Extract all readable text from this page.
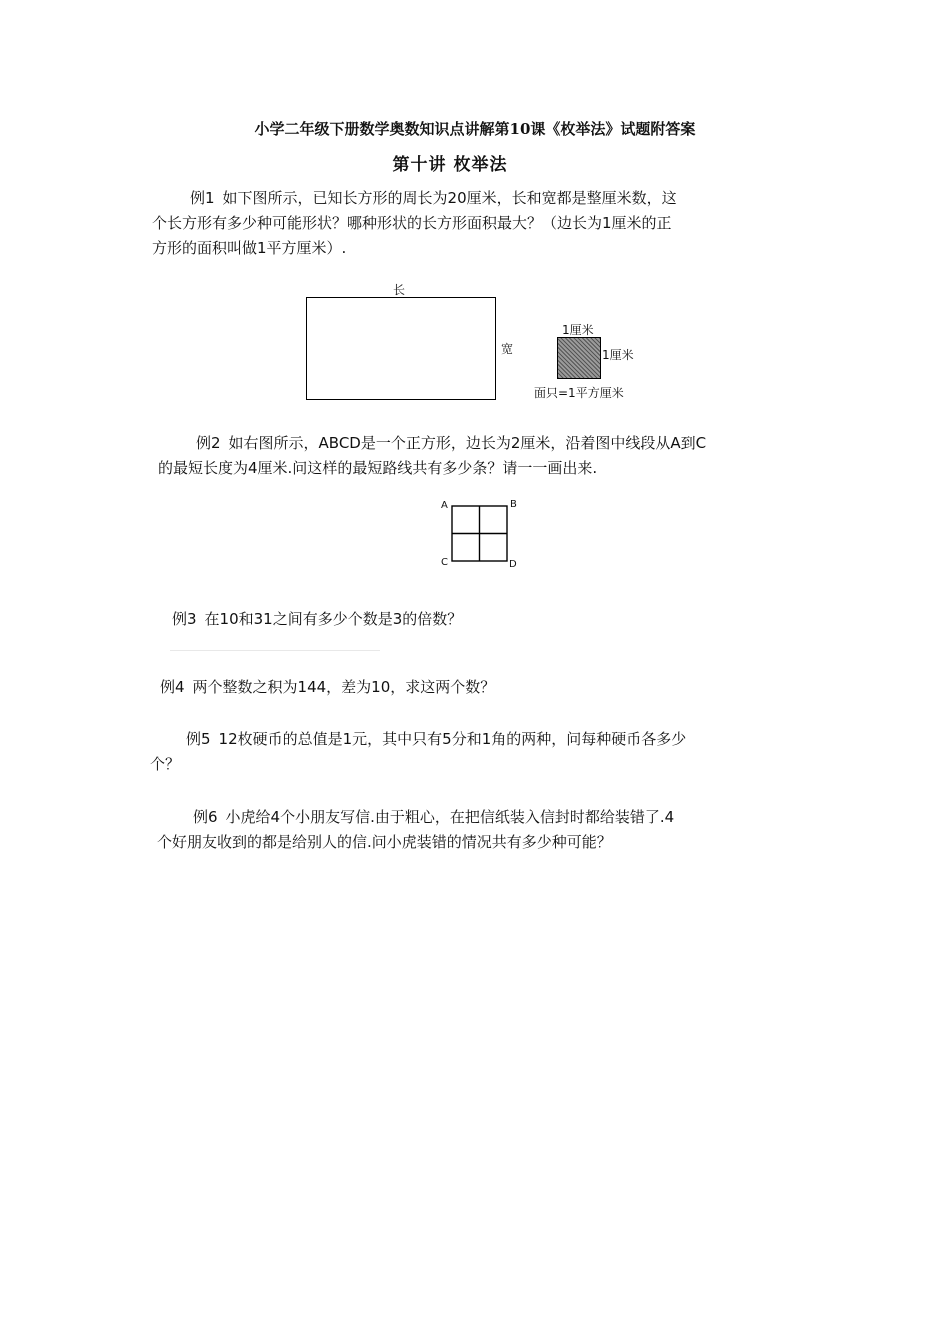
小学二年级下册数学奥数知识点讲解第10课《枚举法》试题附答案
第十讲 枚举法

例1 如下图所示，已知长方形的周长为20厘米，长和宽都是整厘米数，这

个长方形有多少种可能形状？哪种形状的长方形面积最大？（边长为1厘米的正

方形的面积叫做1平方厘米）.

长
宽
1厘米
1厘米
面只=1平方厘米

例2 如右图所示，ABCD是一个正方形，边长为2厘米，沿着图中线段从A到C

的最短长度为4厘米.问这样的最短路线共有多少条？请一一画出来.

A	B
C	D

例3 在10和31之间有多少个数是3的倍数？

例4 两个整数之积为144，差为10，求这两个数？

例5 12枚硬币的总值是1元，其中只有5分和1角的两种，问每种硬币各多少

个？

例6 小虎给4个小朋友写信.由于粗心，在把信纸装入信封时都给装错了.4

个好朋友收到的都是给别人的信.问小虎装错的情况共有多少种可能？
